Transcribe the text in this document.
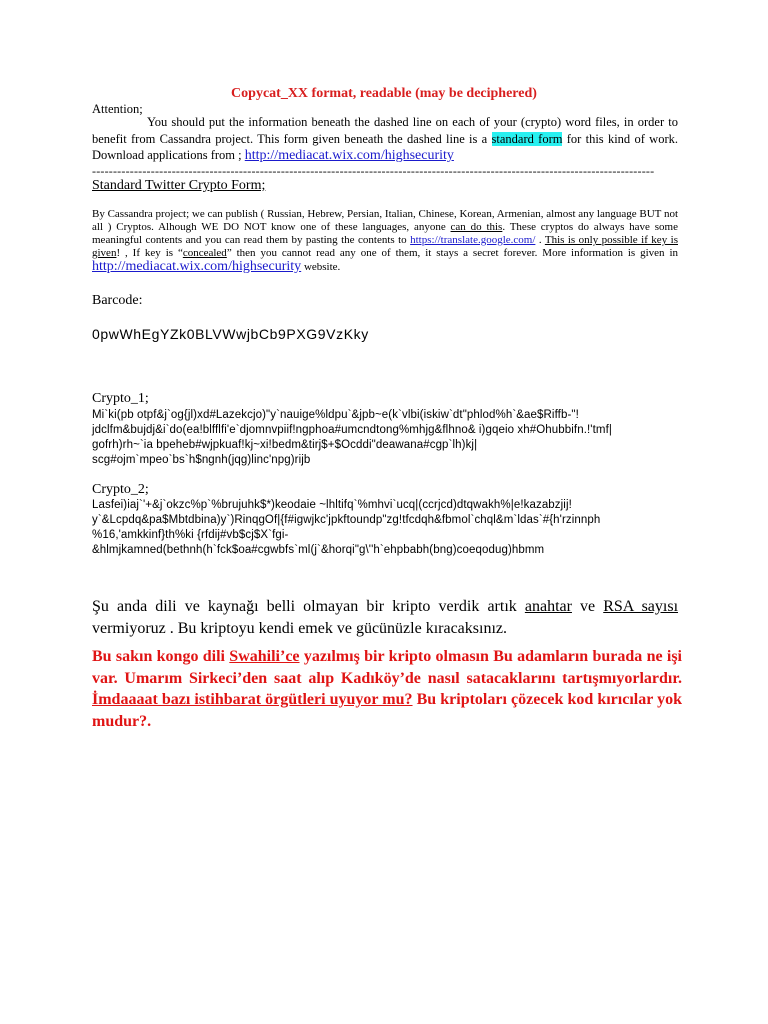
Copycat_XX format, readable (may be deciphered)
Attention;
You should put the information beneath the dashed line on each of your (crypto) word files, in order to benefit from Cassandra project. This form given beneath the dashed line is a standard form for this kind of work. Download applications from ; http://mediacat.wix.com/highsecurity
--------------------------------------------------------------------------------------------------------------------------------------
Standard Twitter Crypto Form;
By Cassandra project; we can publish ( Russian, Hebrew, Persian, Italian, Chinese, Korean, Armenian, almost any language BUT not all ) Cryptos. Alhough WE DO NOT know one of these languages, anyone can do this. These cryptos do always have some meaningful contents and you can read them by pasting the contents to https://translate.google.com/ . This is only possible if key is given! , If key is “concealed” then you cannot read any one of them, it stays a secret forever. More information is given in http://mediacat.wix.com/highsecurity website.
Barcode:
0pwWhEgYZk0BLVWwjbCb9PXG9VzKky
Crypto_1;
Mi`ki(pb otpf&j`og{jl)xd#Lazekcjo)"y`nauige%ldpu`&jpb~e(k`vlbi(iskiw`dt"phlod%h`&ae$Riffb-"!
jdclfm&bujdj&i`do(ea!blfflfi'e`djomnvpiif!ngphoa#umcndtong%mhjg&flhno& i)gqeio xh#Ohubbifn.!'tmf|
gofrh)rh~`ia bpeheb#wjpkuaf!kj~xi!bedm&tirj$+$Ocddi"deawana#cgp`lh)kj|
scg#ojm`mpeo`bs`h$ngnh(jqg)linc'npg)rijb
Crypto_2;
Lasfei)iaj`'+&j`okzc%p`%brujuhk$*)keodaie ~lhltifq`%mhvi`ucq|(ccrjcd)dtqwakh%|e!kazabzjij!
y`&Lcpdq&pa$Mbtdbina)y`)RinqgOf|{f#igwjkc'jpkftoundp"zg!tfcdqh&fbmol`chql&m`ldas`#{h'rzinnph
%16,'amkkinf}th%ki {rfdij#vb$cj$X`fgi-
&hlmjkamned(bethnh(h`fck$oa#cgwbfs`ml(j`&horqi"g\''h`ehpbabh(bng)coeqodug)hbmm
Şu anda dili ve kaynağı belli olmayan bir kripto verdik artık anahtar ve RSA sayısı vermiyoruz . Bu kriptoyu kendi emek ve gücünüzle kıracaksınız.
Bu sakın kongo dili Swahili’ce yazılmış bir kripto olmasın Bu adamların burada ne işi var. Umarım Sirkeci’den saat alıp Kadıköy’de nasıl satacaklarını tartışmıyorlardır. İmdaaaat bazı istihbarat örgütleri uyuyor mu? Bu kriptoları çözecek kod kırıcılar yok mudur?.
